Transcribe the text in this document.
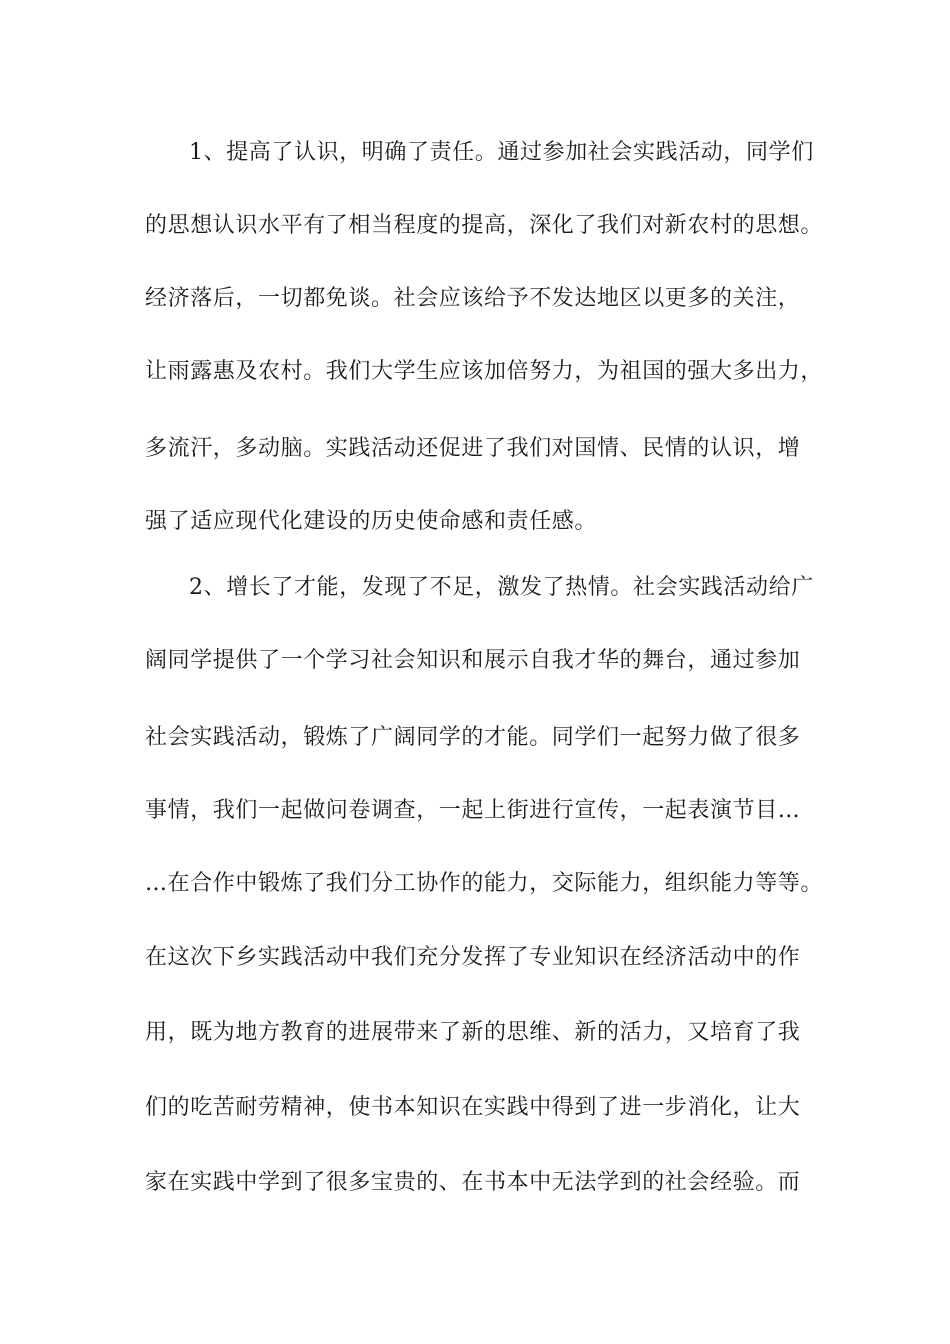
1、提高了认识，明确了责任。通过参加社会实践活动，同学们
的思想认识水平有了相当程度的提高，深化了我们对新农村的思想。
经济落后，一切都免谈。社会应该给予不发达地区以更多的关注，
让雨露惠及农村。我们大学生应该加倍努力，为祖国的强大多出力，
多流汗，多动脑。实践活动还促进了我们对国情、民情的认识，增
强了适应现代化建设的历史使命感和责任感。
2、增长了才能，发现了不足，激发了热情。社会实践活动给广
阔同学提供了一个学习社会知识和展示自我才华的舞台，通过参加
社会实践活动，锻炼了广阔同学的才能。同学们一起努力做了很多
事情，我们一起做问卷调查，一起上街进行宣传，一起表演节目…
…在合作中锻炼了我们分工协作的能力，交际能力，组织能力等等。
在这次下乡实践活动中我们充分发挥了专业知识在经济活动中的作
用，既为地方教育的进展带来了新的思维、新的活力，又培育了我
们的吃苦耐劳精神，使书本知识在实践中得到了进一步消化，让大
家在实践中学到了很多宝贵的、在书本中无法学到的社会经验。而
